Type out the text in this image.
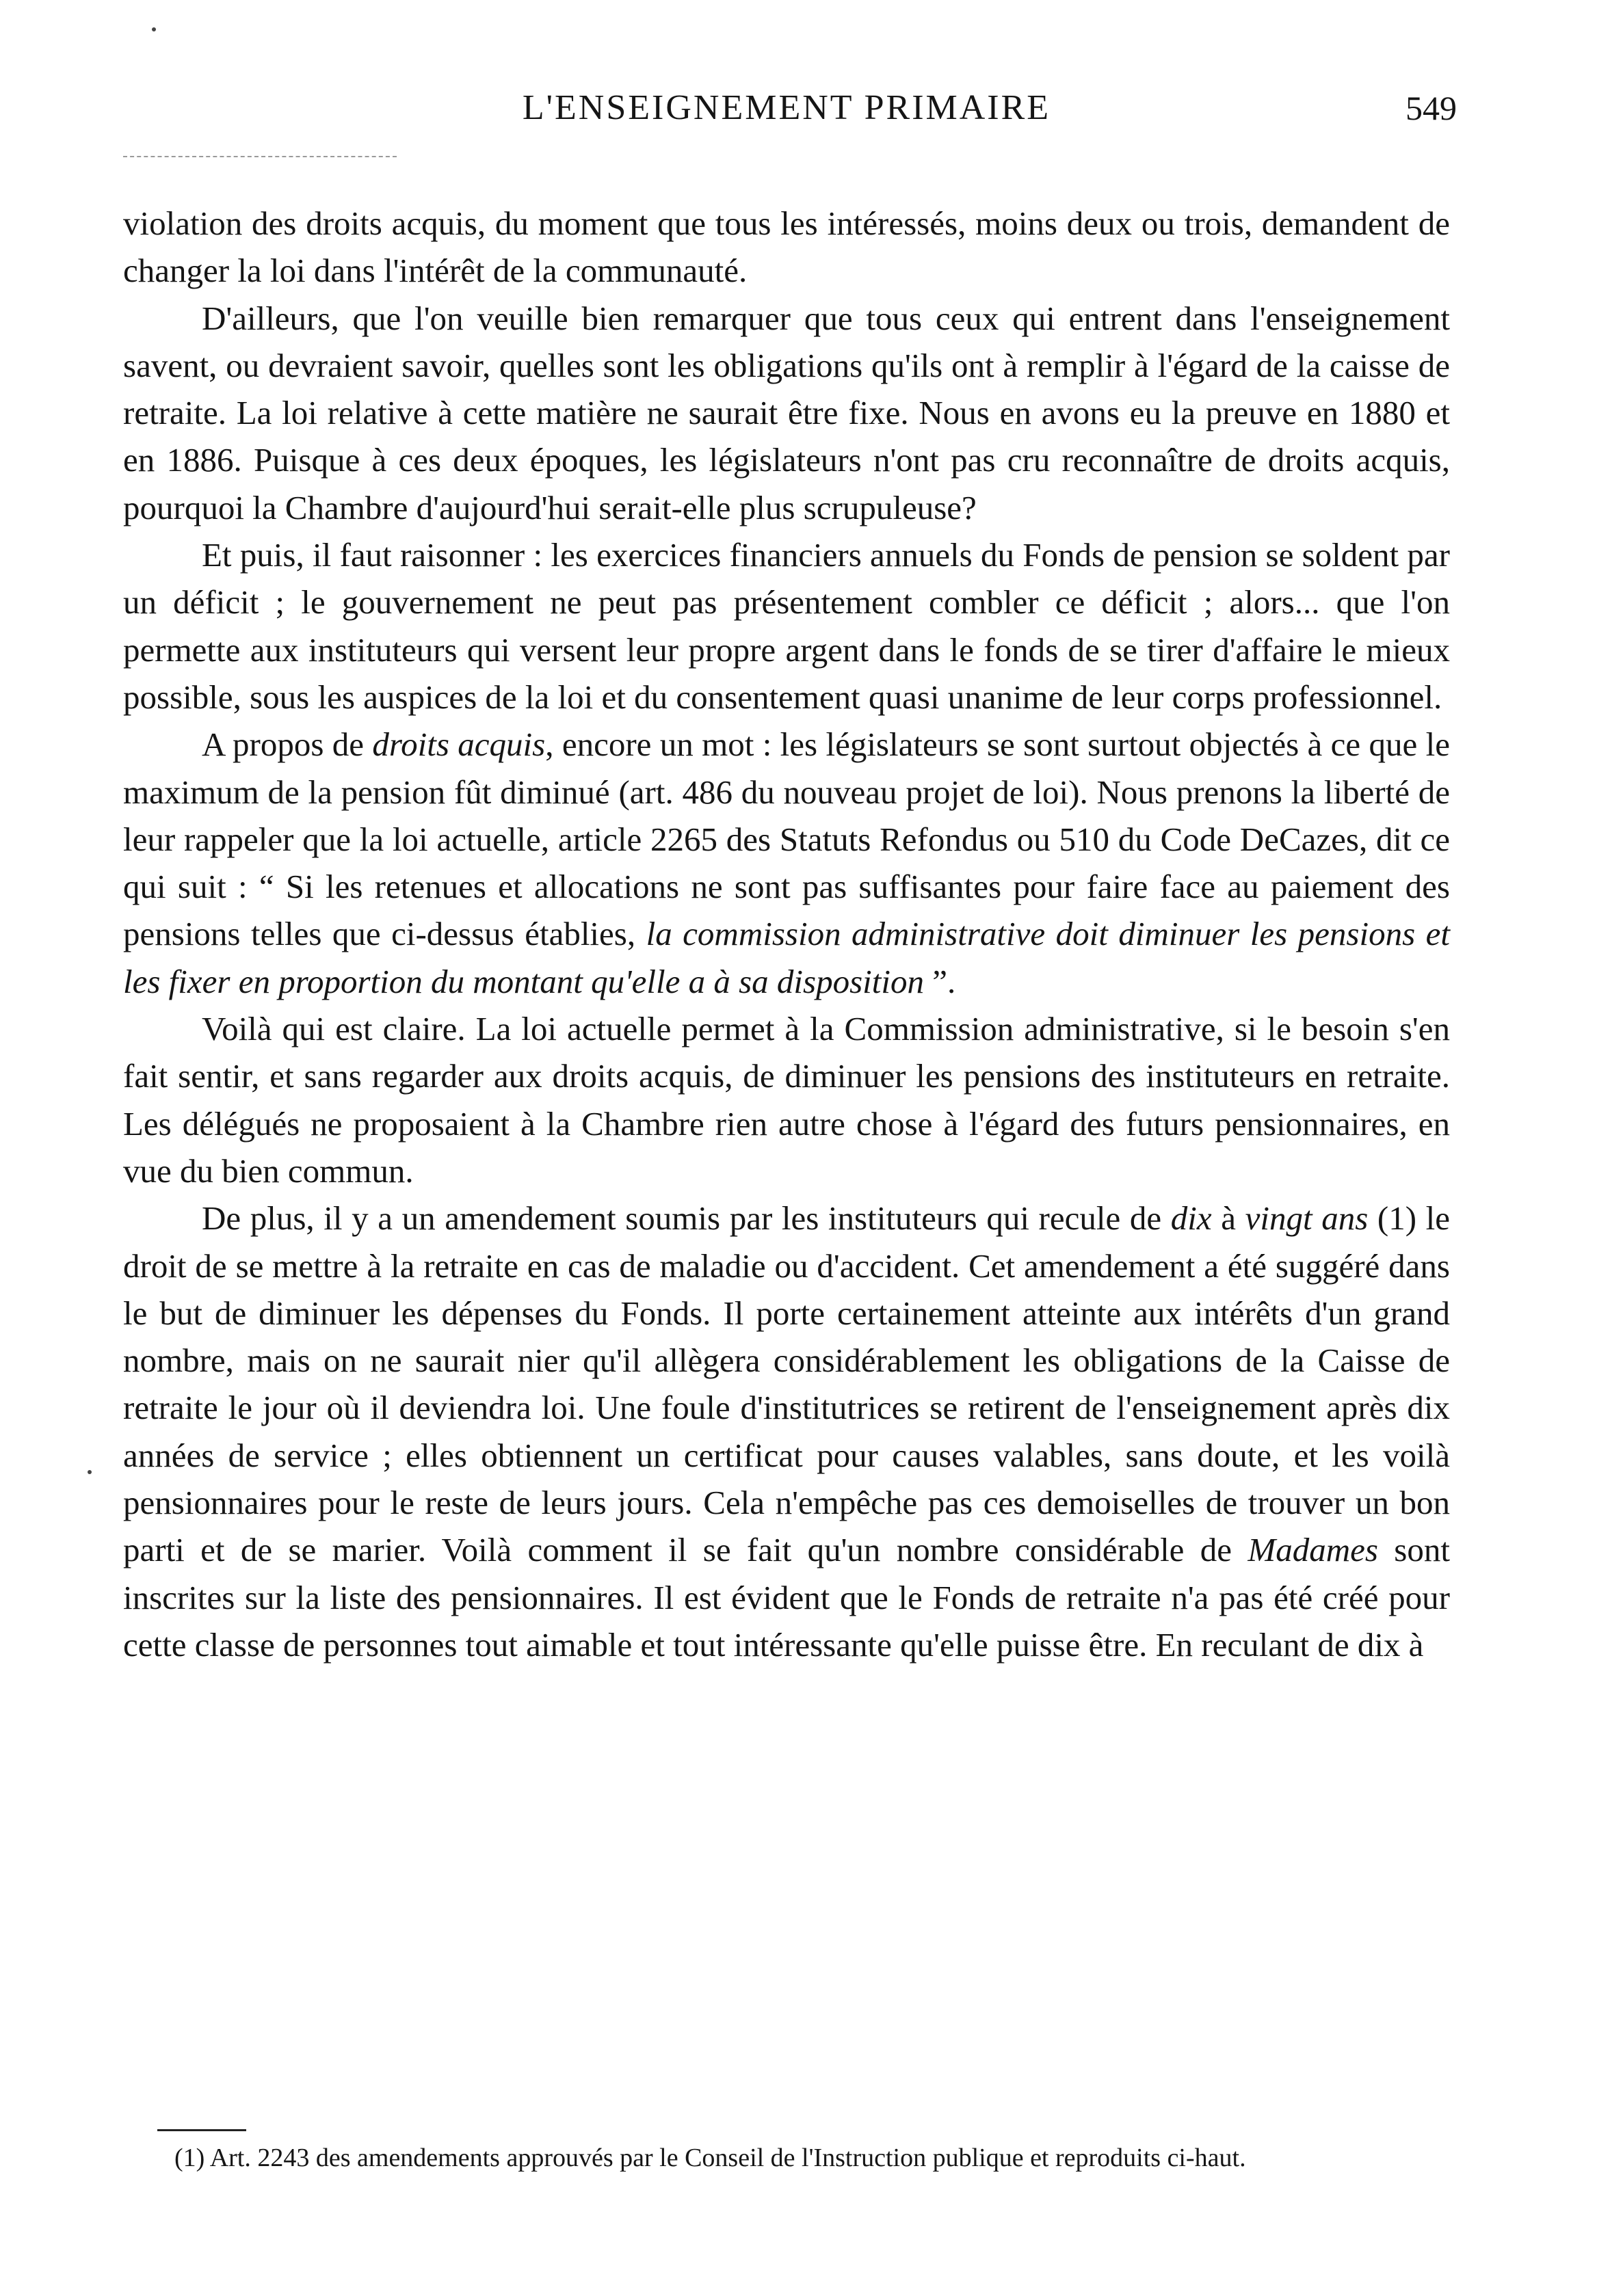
L'ENSEIGNEMENT PRIMAIRE	549

violation des droits acquis, du moment que tous les intéressés, moins deux ou trois, demandent de changer la loi dans l'intérêt de la communauté.

D'ailleurs, que l'on veuille bien remarquer que tous ceux qui entrent dans l'enseignement savent, ou devraient savoir, quelles sont les obligations qu'ils ont à remplir à l'égard de la caisse de retraite. La loi relative à cette matière ne saurait être fixe. Nous en avons eu la preuve en 1880 et en 1886. Puisque à ces deux époques, les législateurs n'ont pas cru reconnaître de droits acquis, pourquoi la Chambre d'aujourd'hui serait-elle plus scrupuleuse?

Et puis, il faut raisonner : les exercices financiers annuels du Fonds de pension se soldent par un déficit ; le gouvernement ne peut pas présentement combler ce déficit ; alors... que l'on permette aux instituteurs qui versent leur propre argent dans le fonds de se tirer d'affaire le mieux possible, sous les auspices de la loi et du consentement quasi unanime de leur corps professionnel.

A propos de droits acquis, encore un mot : les législateurs se sont surtout objectés à ce que le maximum de la pension fût diminué (art. 486 du nouveau projet de loi). Nous prenons la liberté de leur rappeler que la loi actuelle, article 2265 des Statuts Refondus ou 510 du Code DeCazes, dit ce qui suit : “ Si les retenues et allocations ne sont pas suffisantes pour faire face au paiement des pensions telles que ci-dessus établies, la commission administrative doit diminuer les pensions et les fixer en proportion du montant qu'elle a à sa disposition ”.

Voilà qui est claire. La loi actuelle permet à la Commission administrative, si le besoin s'en fait sentir, et sans regarder aux droits acquis, de diminuer les pensions des instituteurs en retraite. Les délégués ne proposaient à la Chambre rien autre chose à l'égard des futurs pensionnaires, en vue du bien commun.

De plus, il y a un amendement soumis par les instituteurs qui recule de dix à vingt ans (1) le droit de se mettre à la retraite en cas de maladie ou d'accident. Cet amendement a été suggéré dans le but de diminuer les dépenses du Fonds. Il porte certainement atteinte aux intérêts d'un grand nombre, mais on ne saurait nier qu'il allègera considérablement les obligations de la Caisse de retraite le jour où il deviendra loi. Une foule d'institutrices se retirent de l'enseignement après dix années de service ; elles obtiennent un certificat pour causes valables, sans doute, et les voilà pensionnaires pour le reste de leurs jours. Cela n'empêche pas ces demoiselles de trouver un bon parti et de se marier. Voilà comment il se fait qu'un nombre considérable de Madames sont inscrites sur la liste des pensionnaires. Il est évident que le Fonds de retraite n'a pas été créé pour cette classe de personnes tout aimable et tout intéressante qu'elle puisse être. En reculant de dix à

(1) Art. 2243 des amendements approuvés par le Conseil de l'Instruction publique et reproduits ci-haut.
